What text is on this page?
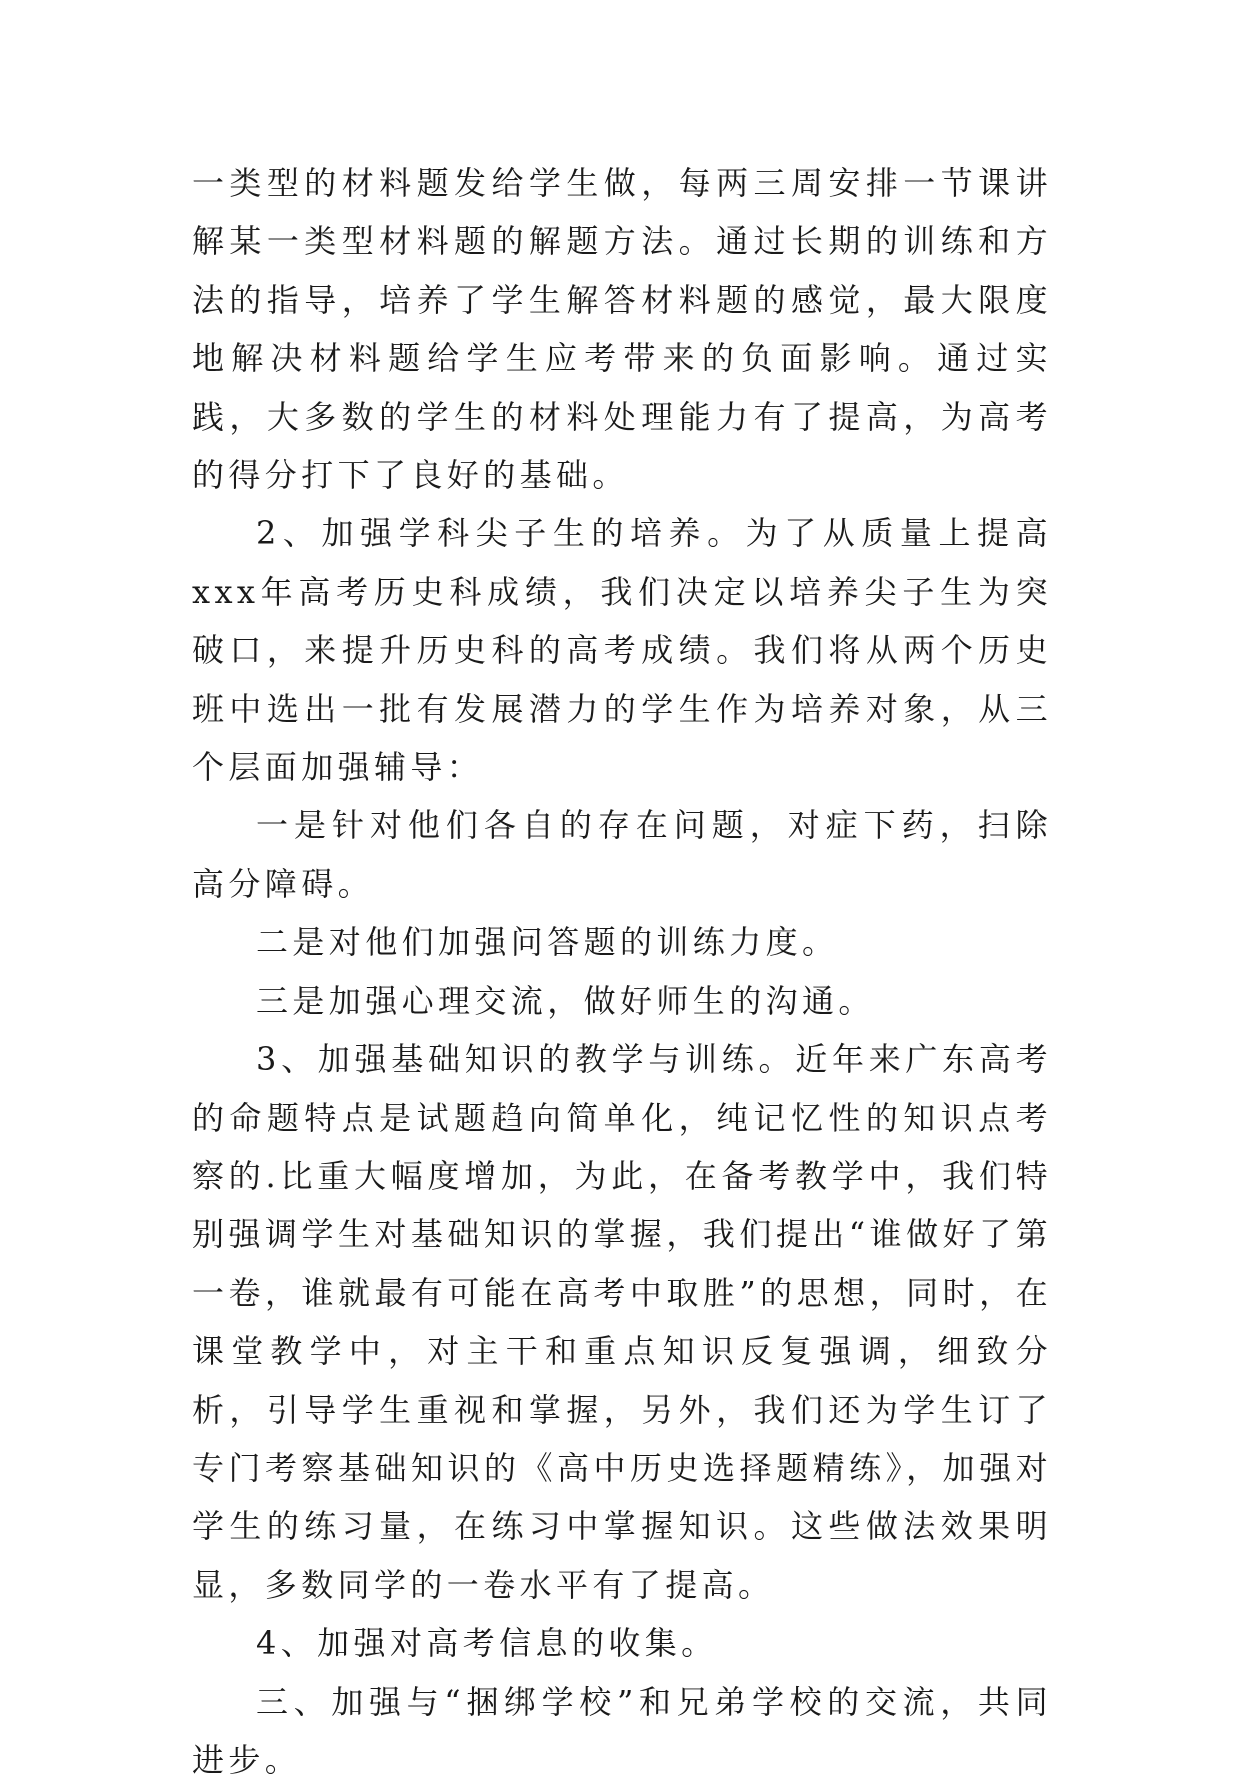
一类型的材料题发给学生做，每两三周安排一节课讲解某一类型材料题的解题方法。通过长期的训练和方法的指导，培养了学生解答材料题的感觉，最大限度地解决材料题给学生应考带来的负面影响。通过实践，大多数的学生的材料处理能力有了提高，为高考的得分打下了良好的基础。

2、加强学科尖子生的培养。为了从质量上提高xxx年高考历史科成绩，我们决定以培养尖子生为突破口，来提升历史科的高考成绩。我们将从两个历史班中选出一批有发展潜力的学生作为培养对象，从三个层面加强辅导：

一是针对他们各自的存在问题，对症下药，扫除高分障碍。

二是对他们加强问答题的训练力度。

三是加强心理交流，做好师生的沟通。

3、加强基础知识的教学与训练。近年来广东高考的命题特点是试题趋向简单化，纯记忆性的知识点考察的.比重大幅度增加，为此，在备考教学中，我们特别强调学生对基础知识的掌握，我们提出“谁做好了第一卷，谁就最有可能在高考中取胜”的思想，同时，在课堂教学中，对主干和重点知识反复强调，细致分析，引导学生重视和掌握，另外，我们还为学生订了专门考察基础知识的《高中历史选择题精练》，加强对学生的练习量，在练习中掌握知识。这些做法效果明显，多数同学的一卷水平有了提高。

4、加强对高考信息的收集。

三、加强与“捆绑学校”和兄弟学校的交流，共同进步。
